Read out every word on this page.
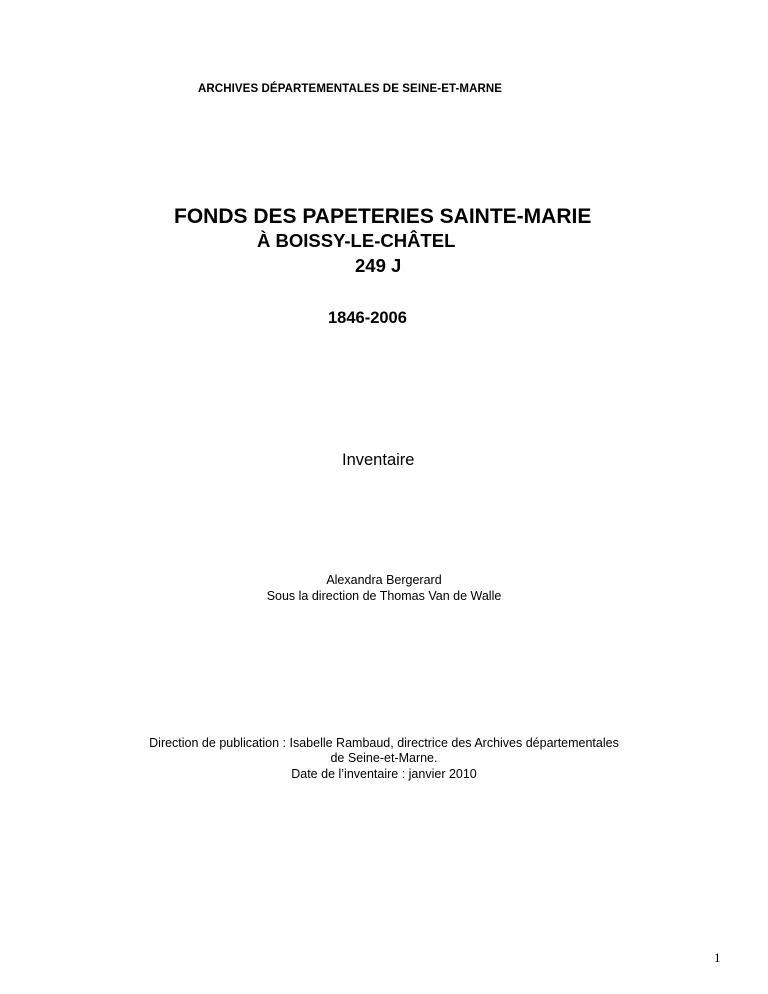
ARCHIVES DÉPARTEMENTALES DE SEINE-ET-MARNE
FONDS DES PAPETERIES SAINTE-MARIE
À BOISSY-LE-CHÂTEL
249 J
1846-2006
Inventaire
Alexandra Bergerard
Sous la direction de Thomas Van de Walle
Direction de publication : Isabelle Rambaud, directrice des Archives départementales
de Seine-et-Marne.
Date de l’inventaire : janvier 2010
1
